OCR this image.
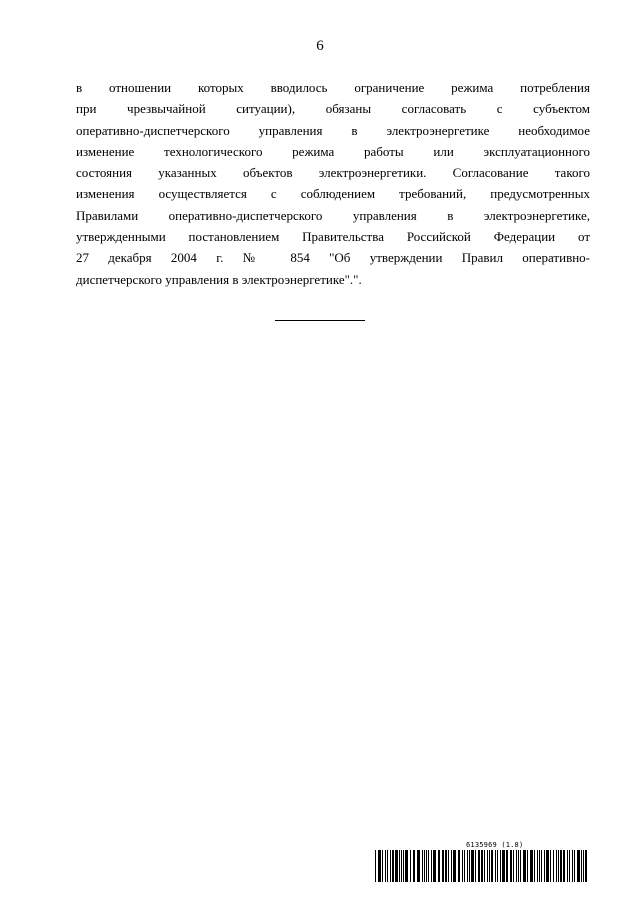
6
в отношении которых вводилось ограничение режима потребления
при чрезвычайной ситуации), обязаны согласовать с субъектом
оперативно-диспетчерского управления в электроэнергетике необходимое
изменение технологического режима работы или эксплуатационного
состояния указанных объектов электроэнергетики. Согласование такого
изменения осуществляется с соблюдением требований, предусмотренных
Правилами оперативно-диспетчерского управления в электроэнергетике,
утвержденными постановлением Правительства Российской Федерации от
27 декабря 2004 г. № 854 "Об утверждении Правил оперативно-
диспетчерского управления в электроэнергетике".".
6135969 (1.8)
